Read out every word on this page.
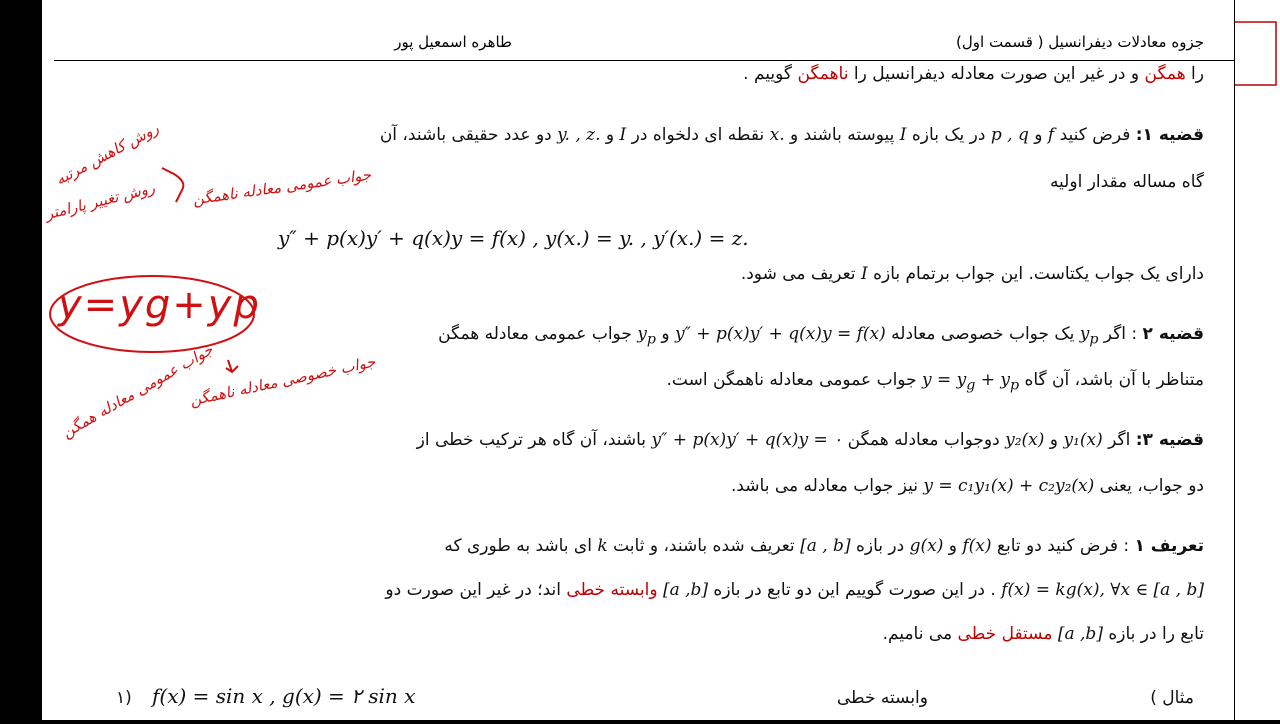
جزوه معادلات دیفرانسیل ( قسمت اول)
طاهره اسمعیل پور
را همگن و در غیر این صورت معادله دیفرانسیل را ناهمگن گوییم .
قضیه ۱: فرض کنید f و p , q در یک بازه I پیوسته باشند و x. نقطه ای دلخواه در I و y. , z. دو عدد حقیقی باشند، آن
گاه مساله مقدار اولیه
y″ + p(x)y′ + q(x)y = f(x) , y(x.) = y. , y′(x.) = z.
دارای یک جواب یکتاست. این جواب برتمام بازه I تعریف می شود.
قضیه ۲ : اگر $y_p$ یک جواب خصوصی معادله y″ + p(x)y′ + q(x)y = f(x) و $y_p$ جواب عمومی معادله همگن
متناظر با آن باشد، آن گاه $y = y_g + y_p$ جواب عمومی معادله ناهمگن است.
قضیه ۳: اگر y₁(x) و y₂(x) دوجواب معادله همگن y″ + p(x)y′ + q(x)y = ۰ باشند، آن گاه هر ترکیب خطی از
دو جواب، یعنی y = c₁y₁(x) + c₂y₂(x) نیز جواب معادله می باشد.
تعریف ۱ : فرض کنید دو تابع f(x) و g(x) در بازه [a , b] تعریف شده باشند، و ثابت k ای باشد به طوری که
f(x) = kg(x), ∀x ∈ [a , b] . در این صورت گوییم این دو تابع در بازه [a ,b] وابسته خطی اند؛ در غیر این صورت دو
تابع را در بازه [a ,b] مستقل خطی می نامیم.
مثال )
وابسته خطی
۱) f(x) = sin x , g(x) = ۲ sin x
روش کاهش مرتبه
روش تغییر پارامتر جواب عمومی معادله ناهمگن
y=yg+yp
جواب عمومی معادله همگن
جواب خصوصی معادله ناهمگن
